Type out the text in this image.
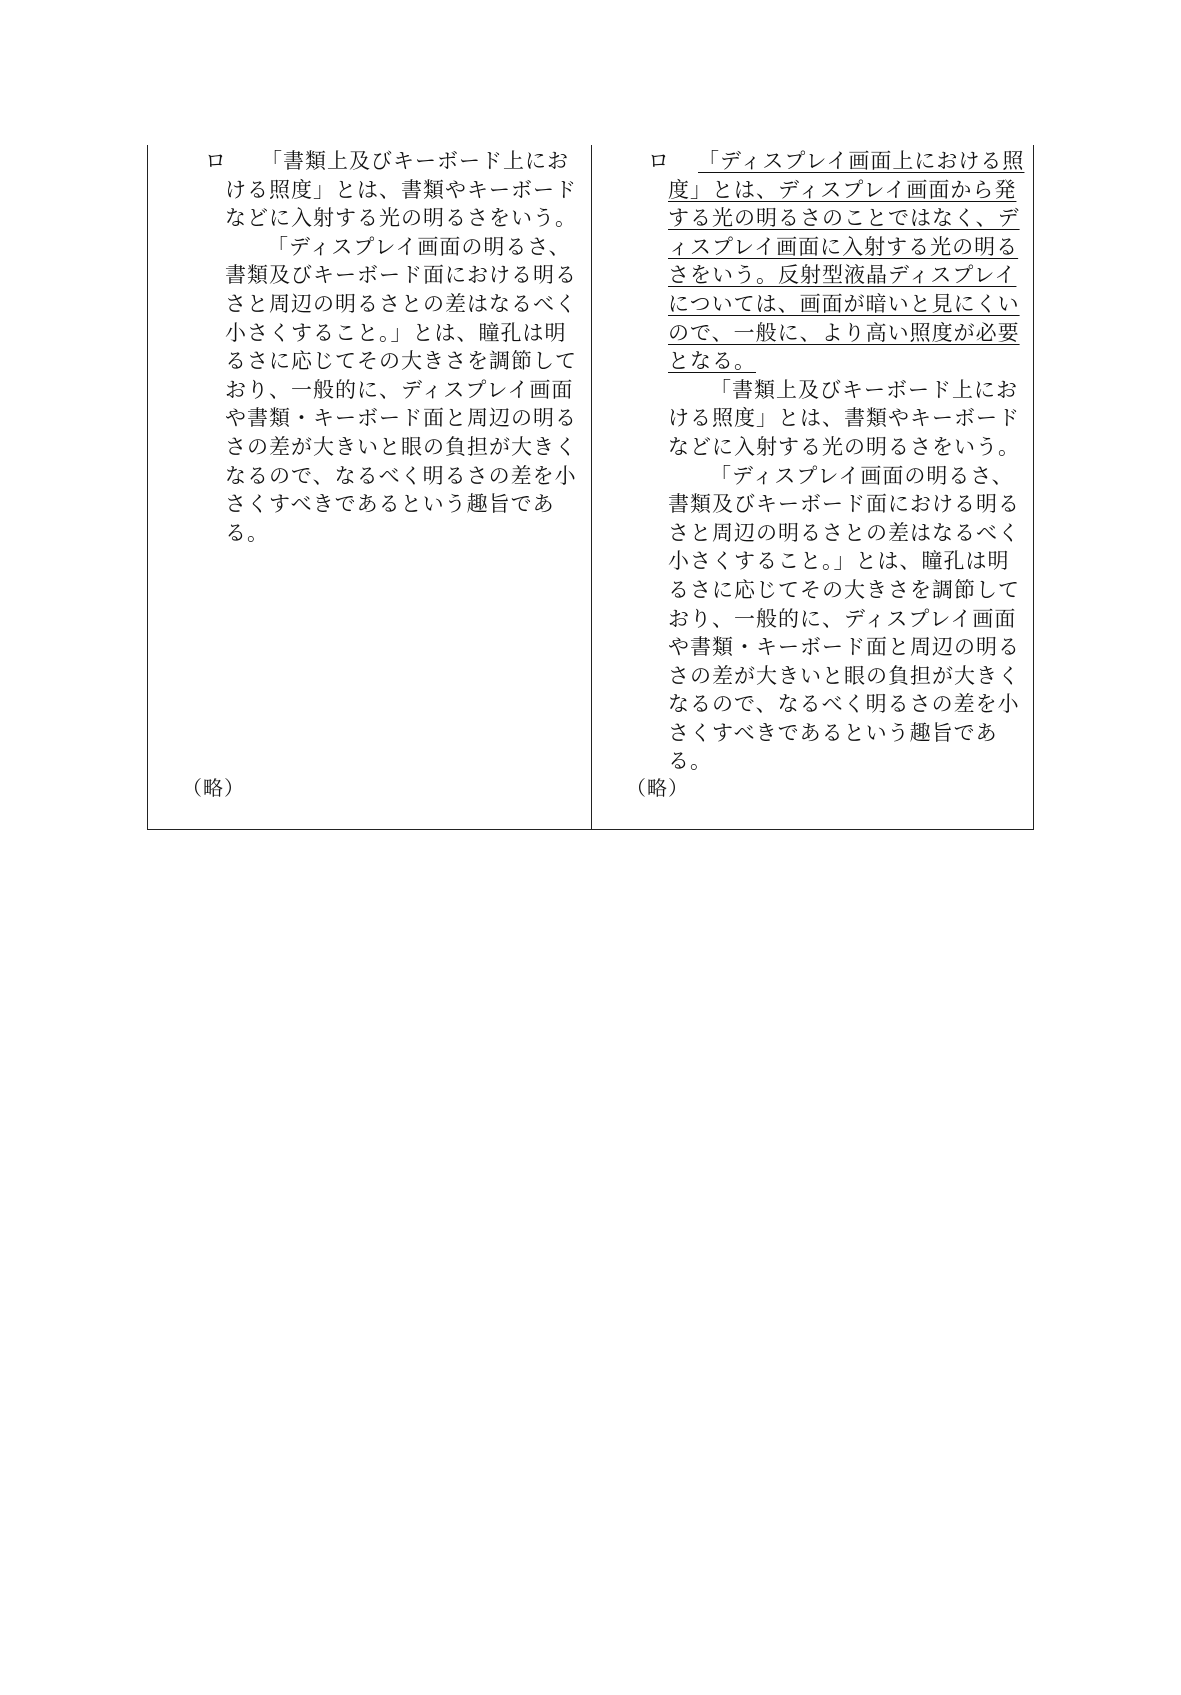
ロ	「書類上及びキーボード上における照度」とは、書類やキーボードなどに入射する光の明るさをいう。

「ディスプレイ画面の明るさ、書類及びキーボード面における明るさと周辺の明るさとの差はなるべく小さくすること。」とは、瞳孔は明るさに応じてその大きさを調節しており、一般的に、ディスプレイ画面や書類・キーボード面と周辺の明るさの差が大きいと眼の負担が大きくなるので、なるべく明るさの差を小さくすべきであるという趣旨である。

（略）
ロ	「ディスプレイ画面上における照度」とは、ディスプレイ画面から発する光の明るさのことではなく、ディスプレイ画面に入射する光の明るさをいう。反射型液晶ディスプレイについては、画面が暗いと見にくいので、一般に、より高い照度が必要となる。

「書類上及びキーボード上における照度」とは、書類やキーボードなどに入射する光の明るさをいう。

「ディスプレイ画面の明るさ、書類及びキーボード面における明るさと周辺の明るさとの差はなるべく小さくすること。」とは、瞳孔は明るさに応じてその大きさを調節しており、一般的に、ディスプレイ画面や書類・キーボード面と周辺の明るさの差が大きいと眼の負担が大きくなるので、なるべく明るさの差を小さくすべきであるという趣旨である。

（略）
